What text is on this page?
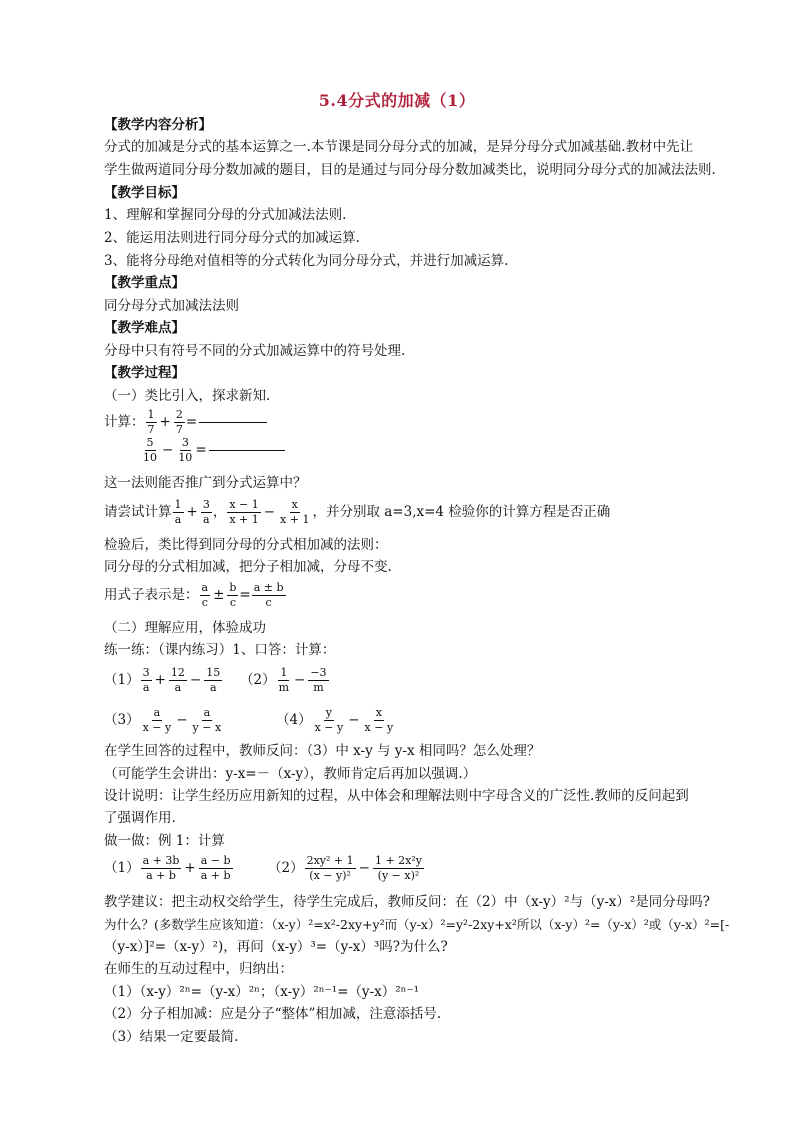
5.4分式的加减（1）
【教学内容分析】
分式的加减是分式的基本运算之一.本节课是同分母分式的加减，是异分母分式加减基础.教材中先让
学生做两道同分母分数加减的题目，目的是通过与同分母分数加减类比，说明同分母分式的加减法法则.
【教学目标】
1、理解和掌握同分母的分式加减法法则.
2、能运用法则进行同分母分式的加减运算.
3、能将分母绝对值相等的分式转化为同分母分式，并进行加减运算.
【教学重点】
同分母分式加减法法则
【教学难点】
分母中只有符号不同的分式加减运算中的符号处理.
【教学过程】
（一）类比引入，探求新知.
计算： 1
$7 + \frac{2}{7}$ =
5
$10 - \frac{3}{10}$ =
这一法则能否推广到分式运算中？
请尝试计算 1
$a + \frac{3}{a}$ ， x − 1
$x + 1 - \frac{x}{x + 1}$ ，并分别取 a=3,x=4 检验你的计算方程是否正确
检验后，类比得到同分母的分式相加减的法则：
同分母的分式相加减，把分子相加减，分母不变.
用式子表示是： a
$c \pm \frac{b}{c} = \frac{a \pm b}{c}$
（二）理解应用，体验成功
练一练：（课内练习）1、口答：计算：
（1） 3
$a + \frac{12}{a} - \frac{15}{a} (2)$ 1
$m - \frac{-3}{m}$
（3） a
$x - y - \frac{a}{y - x}$	（4） y
$x - y - \frac{x}{x - y}$
在学生回答的过程中，教师反问：（3）中 x-y 与 y-x 相同吗？怎么处理？
（可能学生会讲出：y-x=－（x-y），教师肯定后再加以强调.）
设计说明：让学生经历应用新知的过程，从中体会和理解法则中字母含义的广泛性.教师的反问起到
了强调作用.
做一做：例 1：计算
（1） a + 3b
$a + b + \frac{a - b}{a + b}$	（2） 2xy² + 1
$(x - y)^2 - \frac{\text{1 + 2x²y}}{\text{(y − x)²}}$
教学建议：把主动权交给学生，待学生完成后，教师反问：在（2）中（x-y）²与（y-x）²是同分母吗?
为什么？(多数学生应该知道：（x-y）²=x²-2xy+y²而（y-x）²=y²-2xy+x²所以（x-y）²=（y-x）²或（y-x）²=[-
（y-x）]²=（x-y）²)，再问（x-y）³=（y-x）³吗?为什么?
在师生的互动过程中，归纳出：
（1）（x-y）²ⁿ=（y-x）²ⁿ；（x-y）²ⁿ⁻¹=（y-x）²ⁿ⁻¹
（2）分子相加减：应是分子“整体”相加减，注意添括号.
（3）结果一定要最简.
